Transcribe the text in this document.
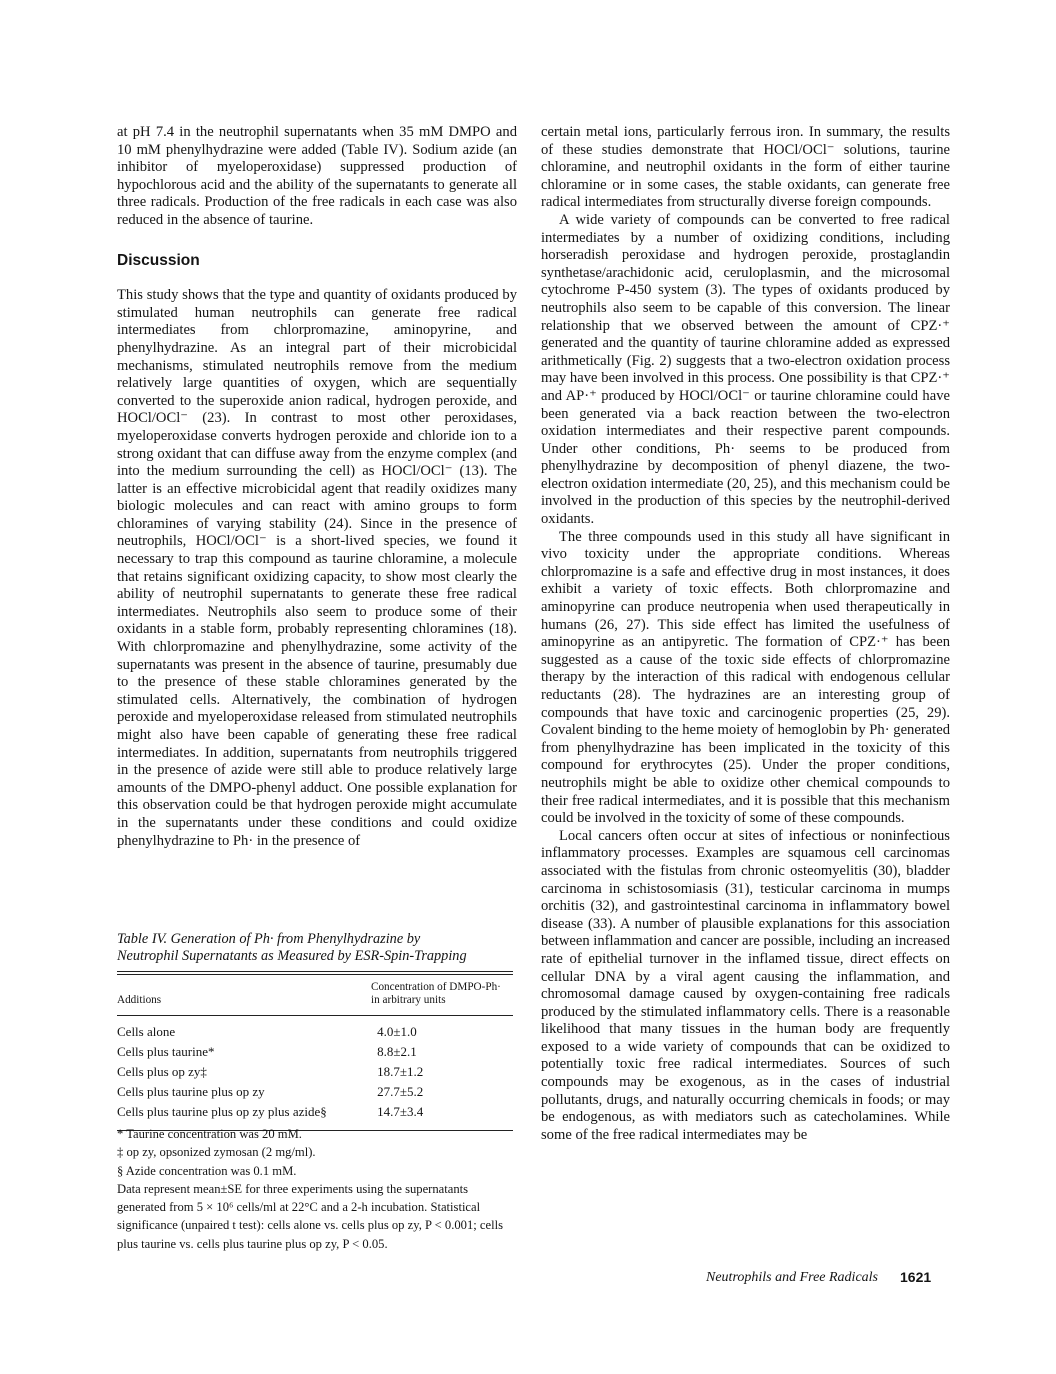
at pH 7.4 in the neutrophil supernatants when 35 mM DMPO and 10 mM phenylhydrazine were added (Table IV). Sodium azide (an inhibitor of myeloperoxidase) suppressed production of hypochlorous acid and the ability of the supernatants to generate all three radicals. Production of the free radicals in each case was also reduced in the absence of taurine.

Discussion

This study shows that the type and quantity of oxidants produced by stimulated human neutrophils can generate free radical intermediates from chlorpromazine, aminopyrine, and phenylhydrazine. As an integral part of their microbicidal mechanisms, stimulated neutrophils remove from the medium relatively large quantities of oxygen, which are sequentially converted to the superoxide anion radical, hydrogen peroxide, and HOCl/OCl⁻ (23). In contrast to most other peroxidases, myeloperoxidase converts hydrogen peroxide and chloride ion to a strong oxidant that can diffuse away from the enzyme complex (and into the medium surrounding the cell) as HOCl/OCl⁻ (13). The latter is an effective microbicidal agent that readily oxidizes many biologic molecules and can react with amino groups to form chloramines of varying stability (24). Since in the presence of neutrophils, HOCl/OCl⁻ is a short-lived species, we found it necessary to trap this compound as taurine chloramine, a molecule that retains significant oxidizing capacity, to show most clearly the ability of neutrophil supernatants to generate these free radical intermediates. Neutrophils also seem to produce some of their oxidants in a stable form, probably representing chloramines (18). With chlorpromazine and phenylhydrazine, some activity of the supernatants was present in the absence of taurine, presumably due to the presence of these stable chloramines generated by the stimulated cells. Alternatively, the combination of hydrogen peroxide and myeloperoxidase released from stimulated neutrophils might also have been capable of generating these free radical intermediates. In addition, supernatants from neutrophils triggered in the presence of azide were still able to produce relatively large amounts of the DMPO-phenyl adduct. One possible explanation for this observation could be that hydrogen peroxide might accumulate in the supernatants under these conditions and could oxidize phenylhydrazine to Ph· in the presence of

Table IV. Generation of Ph· from Phenylhydrazine by
Neutrophil Supernatants as Measured by ESR-Spin-Trapping
Additions
Concentration of DMPO-Ph·
in arbitrary units
Cells alone	4.0±1.0
Cells plus taurine*	8.8±2.1
Cells plus op zy‡	18.7±1.2
Cells plus taurine plus op zy	27.7±5.2
Cells plus taurine plus op zy plus azide§	14.7±3.4

* Taurine concentration was 20 mM.

‡ op zy, opsonized zymosan (2 mg/ml).

§ Azide concentration was 0.1 mM.

Data represent mean±SE for three experiments using the supernatants generated from 5 × 10⁶ cells/ml at 22°C and a 2-h incubation. Statistical significance (unpaired t test): cells alone vs. cells plus op zy, P < 0.001; cells plus taurine vs. cells plus taurine plus op zy, P < 0.05.

certain metal ions, particularly ferrous iron. In summary, the results of these studies demonstrate that HOCl/OCl⁻ solutions, taurine chloramine, and neutrophil oxidants in the form of either taurine chloramine or in some cases, the stable oxidants, can generate free radical intermediates from structurally diverse foreign compounds.

A wide variety of compounds can be converted to free radical intermediates by a number of oxidizing conditions, including horseradish peroxidase and hydrogen peroxide, prostaglandin synthetase/arachidonic acid, ceruloplasmin, and the microsomal cytochrome P-450 system (3). The types of oxidants produced by neutrophils also seem to be capable of this conversion. The linear relationship that we observed between the amount of CPZ·⁺ generated and the quantity of taurine chloramine added as expressed arithmetically (Fig. 2) suggests that a two-electron oxidation process may have been involved in this process. One possibility is that CPZ·⁺ and AP·⁺ produced by HOCl/OCl⁻ or taurine chloramine could have been generated via a back reaction between the two-electron oxidation intermediates and their respective parent compounds. Under other conditions, Ph· seems to be produced from phenylhydrazine by decomposition of phenyl diazene, the two-electron oxidation intermediate (20, 25), and this mechanism could be involved in the production of this species by the neutrophil-derived oxidants.

The three compounds used in this study all have significant in vivo toxicity under the appropriate conditions. Whereas chlorpromazine is a safe and effective drug in most instances, it does exhibit a variety of toxic effects. Both chlorpromazine and aminopyrine can produce neutropenia when used therapeutically in humans (26, 27). This side effect has limited the usefulness of aminopyrine as an antipyretic. The formation of CPZ·⁺ has been suggested as a cause of the toxic side effects of chlorpromazine therapy by the interaction of this radical with endogenous cellular reductants (28). The hydrazines are an interesting group of compounds that have toxic and carcinogenic properties (25, 29). Covalent binding to the heme moiety of hemoglobin by Ph· generated from phenylhydrazine has been implicated in the toxicity of this compound for erythrocytes (25). Under the proper conditions, neutrophils might be able to oxidize other chemical compounds to their free radical intermediates, and it is possible that this mechanism could be involved in the toxicity of some of these compounds.

Local cancers often occur at sites of infectious or noninfectious inflammatory processes. Examples are squamous cell carcinomas associated with the fistulas from chronic osteomyelitis (30), bladder carcinoma in schistosomiasis (31), testicular carcinoma in mumps orchitis (32), and gastrointestinal carcinoma in inflammatory bowel disease (33). A number of plausible explanations for this association between inflammation and cancer are possible, including an increased rate of epithelial turnover in the inflamed tissue, direct effects on cellular DNA by a viral agent causing the inflammation, and chromosomal damage caused by oxygen-containing free radicals produced by the stimulated inflammatory cells. There is a reasonable likelihood that many tissues in the human body are frequently exposed to a wide variety of compounds that can be oxidized to potentially toxic free radical intermediates. Sources of such compounds may be exogenous, as in the cases of industrial pollutants, drugs, and naturally occurring chemicals in foods; or may be endogenous, as with mediators such as catecholamines. While some of the free radical intermediates may be

Neutrophils and Free Radicals 1621
